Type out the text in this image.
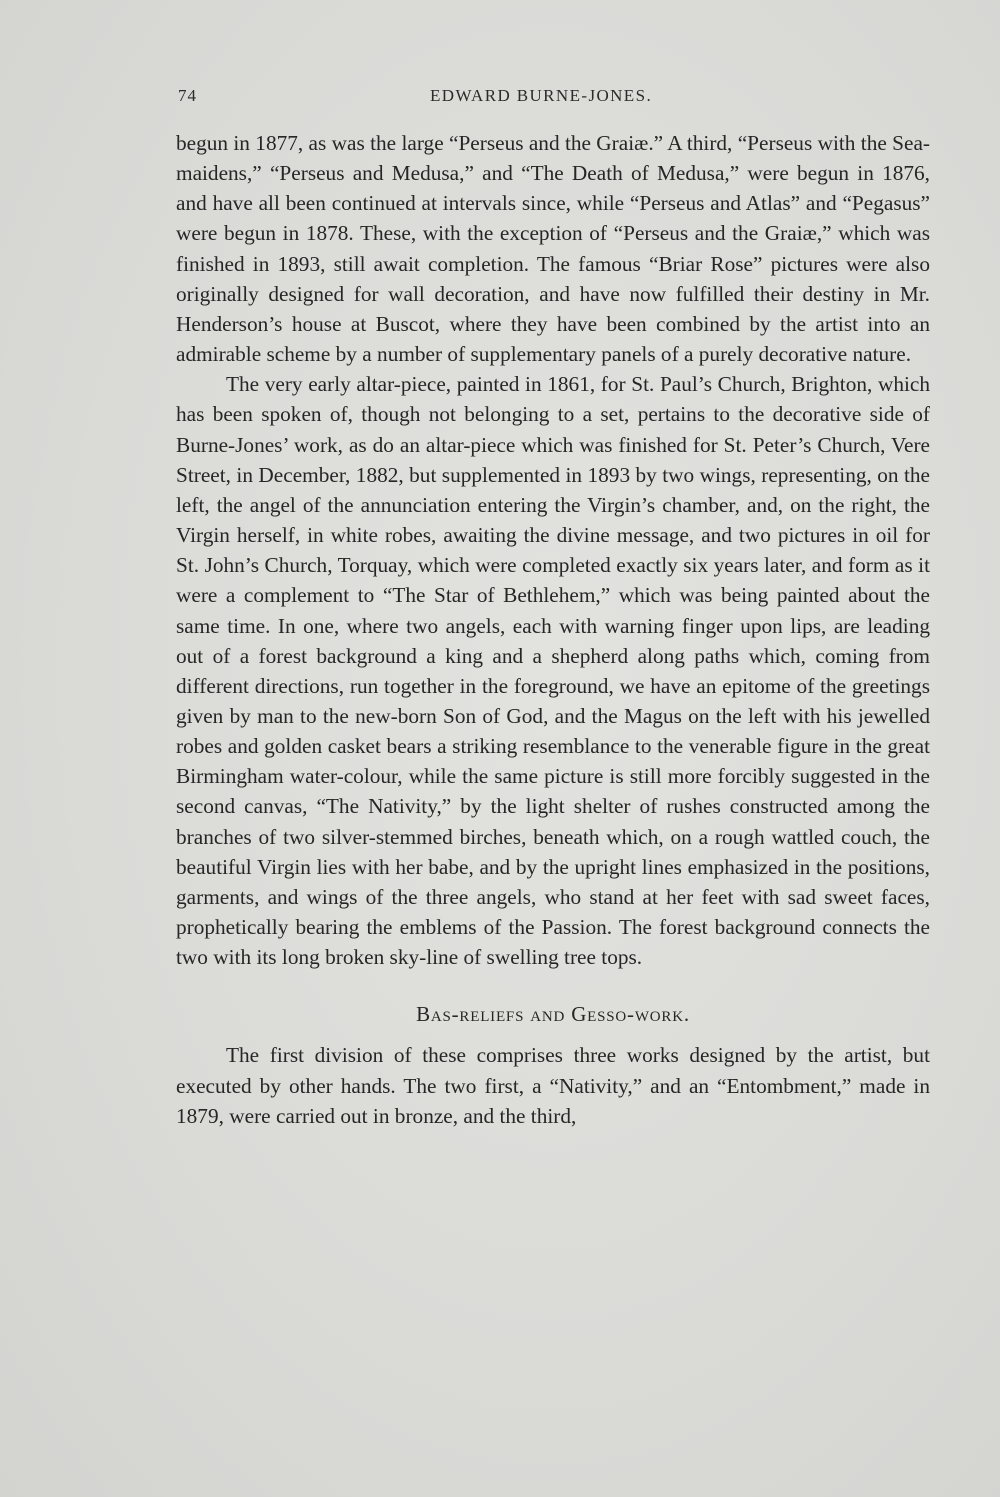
74	EDWARD BURNE-JONES.

begun in 1877, as was the large “Perseus and the Graiæ.” A third, “Perseus with the Sea-maidens,” “Perseus and Medusa,” and “The Death of Medusa,” were begun in 1876, and have all been continued at intervals since, while “Perseus and Atlas” and “Pegasus” were begun in 1878. These, with the exception of “Perseus and the Graiæ,” which was finished in 1893, still await completion. The famous “Briar Rose” pictures were also originally designed for wall decoration, and have now fulfilled their destiny in Mr. Henderson’s house at Buscot, where they have been combined by the artist into an admirable scheme by a number of supplementary panels of a purely decorative nature.

The very early altar-piece, painted in 1861, for St. Paul’s Church, Brighton, which has been spoken of, though not belonging to a set, pertains to the decorative side of Burne-Jones’ work, as do an altar-piece which was finished for St. Peter’s Church, Vere Street, in December, 1882, but supplemented in 1893 by two wings, representing, on the left, the angel of the annunciation entering the Virgin’s chamber, and, on the right, the Virgin herself, in white robes, awaiting the divine message, and two pictures in oil for St. John’s Church, Torquay, which were completed exactly six years later, and form as it were a complement to “The Star of Bethlehem,” which was being painted about the same time. In one, where two angels, each with warning finger upon lips, are leading out of a forest background a king and a shepherd along paths which, coming from different directions, run together in the foreground, we have an epitome of the greetings given by man to the new-born Son of God, and the Magus on the left with his jewelled robes and golden casket bears a striking resemblance to the venerable figure in the great Birmingham water-colour, while the same picture is still more forcibly suggested in the second canvas, “The Nativity,” by the light shelter of rushes constructed among the branches of two silver-stemmed birches, beneath which, on a rough wattled couch, the beautiful Virgin lies with her babe, and by the upright lines emphasized in the positions, garments, and wings of the three angels, who stand at her feet with sad sweet faces, prophetically bearing the emblems of the Passion. The forest background connects the two with its long broken sky-line of swelling tree tops.

Bas-reliefs and Gesso-work.

The first division of these comprises three works designed by the artist, but executed by other hands. The two first, a “Nativity,” and an “Entombment,” made in 1879, were carried out in bronze, and the third,
